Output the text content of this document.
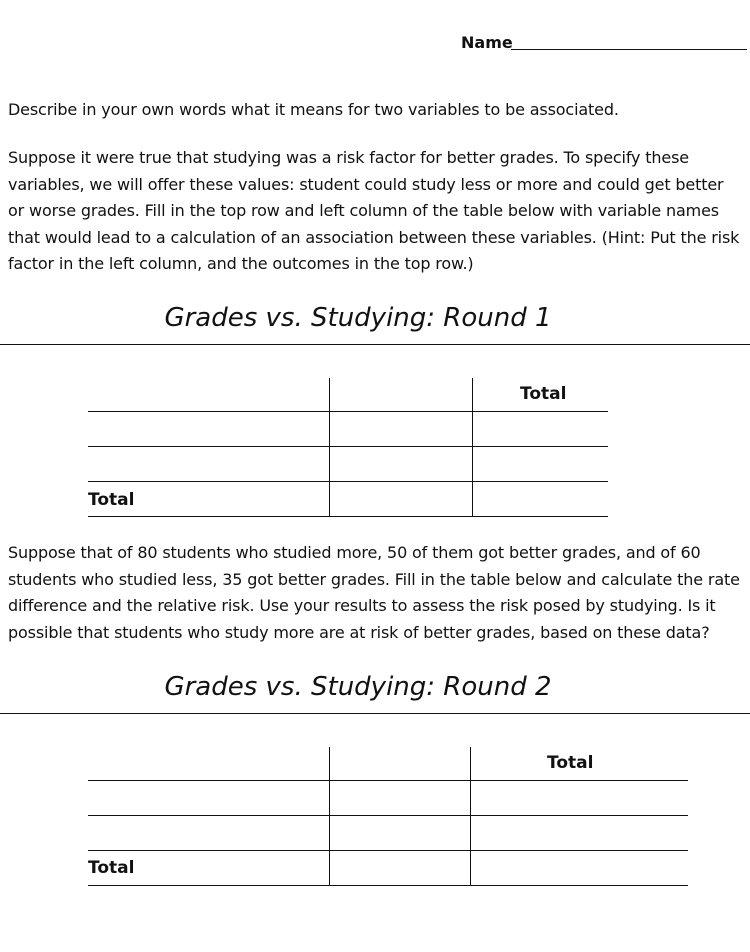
Name

Describe in your own words what it means for two variables to be associated.

Suppose it were true that studying was a risk factor for better grades. To specify these variables, we will offer these values: student could study less or more and could get better or worse grades. Fill in the top row and left column of the table below with variable names that would lead to a calculation of an association between these variables. (Hint: Put the risk factor in the left column, and the outcomes in the top row.)

Grades vs. Studying: Round 1
Total
Total

Suppose that of 80 students who studied more, 50 of them got better grades, and of 60 students who studied less, 35 got better grades. Fill in the table below and calculate the rate difference and the relative risk. Use your results to assess the risk posed by studying. Is it possible that students who study more are at risk of better grades, based on these data?

Grades vs. Studying: Round 2
Total
Total
